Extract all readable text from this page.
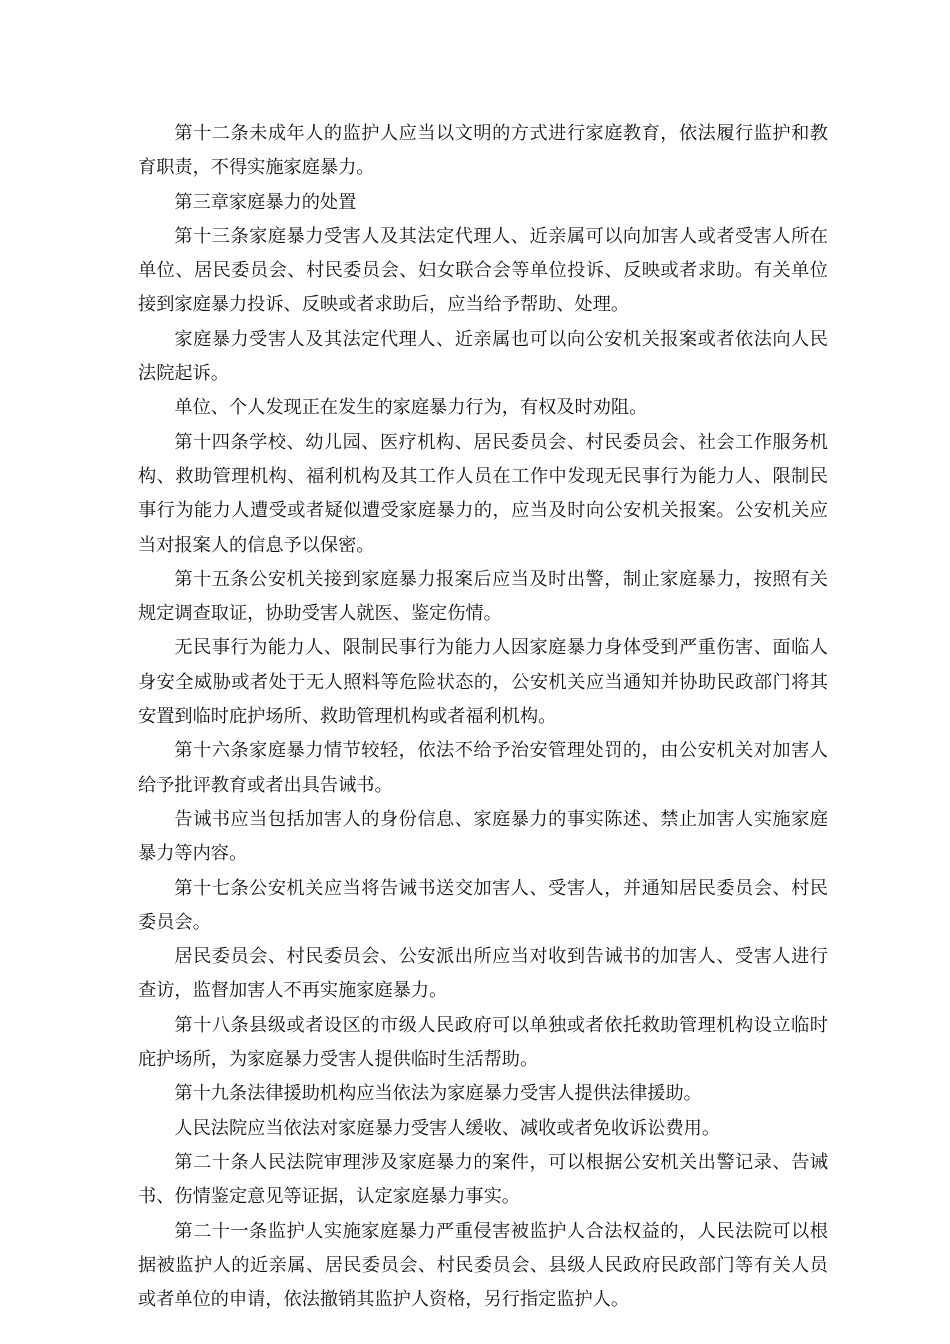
第十二条未成年人的监护人应当以文明的方式进行家庭教育，依法履行监护和教育职责，不得实施家庭暴力。

第三章家庭暴力的处置

第十三条家庭暴力受害人及其法定代理人、近亲属可以向加害人或者受害人所在单位、居民委员会、村民委员会、妇女联合会等单位投诉、反映或者求助。有关单位接到家庭暴力投诉、反映或者求助后，应当给予帮助、处理。

家庭暴力受害人及其法定代理人、近亲属也可以向公安机关报案或者依法向人民法院起诉。

单位、个人发现正在发生的家庭暴力行为，有权及时劝阻。

第十四条学校、幼儿园、医疗机构、居民委员会、村民委员会、社会工作服务机构、救助管理机构、福利机构及其工作人员在工作中发现无民事行为能力人、限制民事行为能力人遭受或者疑似遭受家庭暴力的，应当及时向公安机关报案。公安机关应当对报案人的信息予以保密。

第十五条公安机关接到家庭暴力报案后应当及时出警，制止家庭暴力，按照有关规定调查取证，协助受害人就医、鉴定伤情。

无民事行为能力人、限制民事行为能力人因家庭暴力身体受到严重伤害、面临人身安全威胁或者处于无人照料等危险状态的，公安机关应当通知并协助民政部门将其安置到临时庇护场所、救助管理机构或者福利机构。

第十六条家庭暴力情节较轻，依法不给予治安管理处罚的，由公安机关对加害人给予批评教育或者出具告诫书。

告诫书应当包括加害人的身份信息、家庭暴力的事实陈述、禁止加害人实施家庭暴力等内容。

第十七条公安机关应当将告诫书送交加害人、受害人，并通知居民委员会、村民委员会。

居民委员会、村民委员会、公安派出所应当对收到告诫书的加害人、受害人进行查访，监督加害人不再实施家庭暴力。

第十八条县级或者设区的市级人民政府可以单独或者依托救助管理机构设立临时庇护场所，为家庭暴力受害人提供临时生活帮助。

第十九条法律援助机构应当依法为家庭暴力受害人提供法律援助。

人民法院应当依法对家庭暴力受害人缓收、减收或者免收诉讼费用。

第二十条人民法院审理涉及家庭暴力的案件，可以根据公安机关出警记录、告诫书、伤情鉴定意见等证据，认定家庭暴力事实。

第二十一条监护人实施家庭暴力严重侵害被监护人合法权益的，人民法院可以根据被监护人的近亲属、居民委员会、村民委员会、县级人民政府民政部门等有关人员或者单位的申请，依法撤销其监护人资格，另行指定监护人。
